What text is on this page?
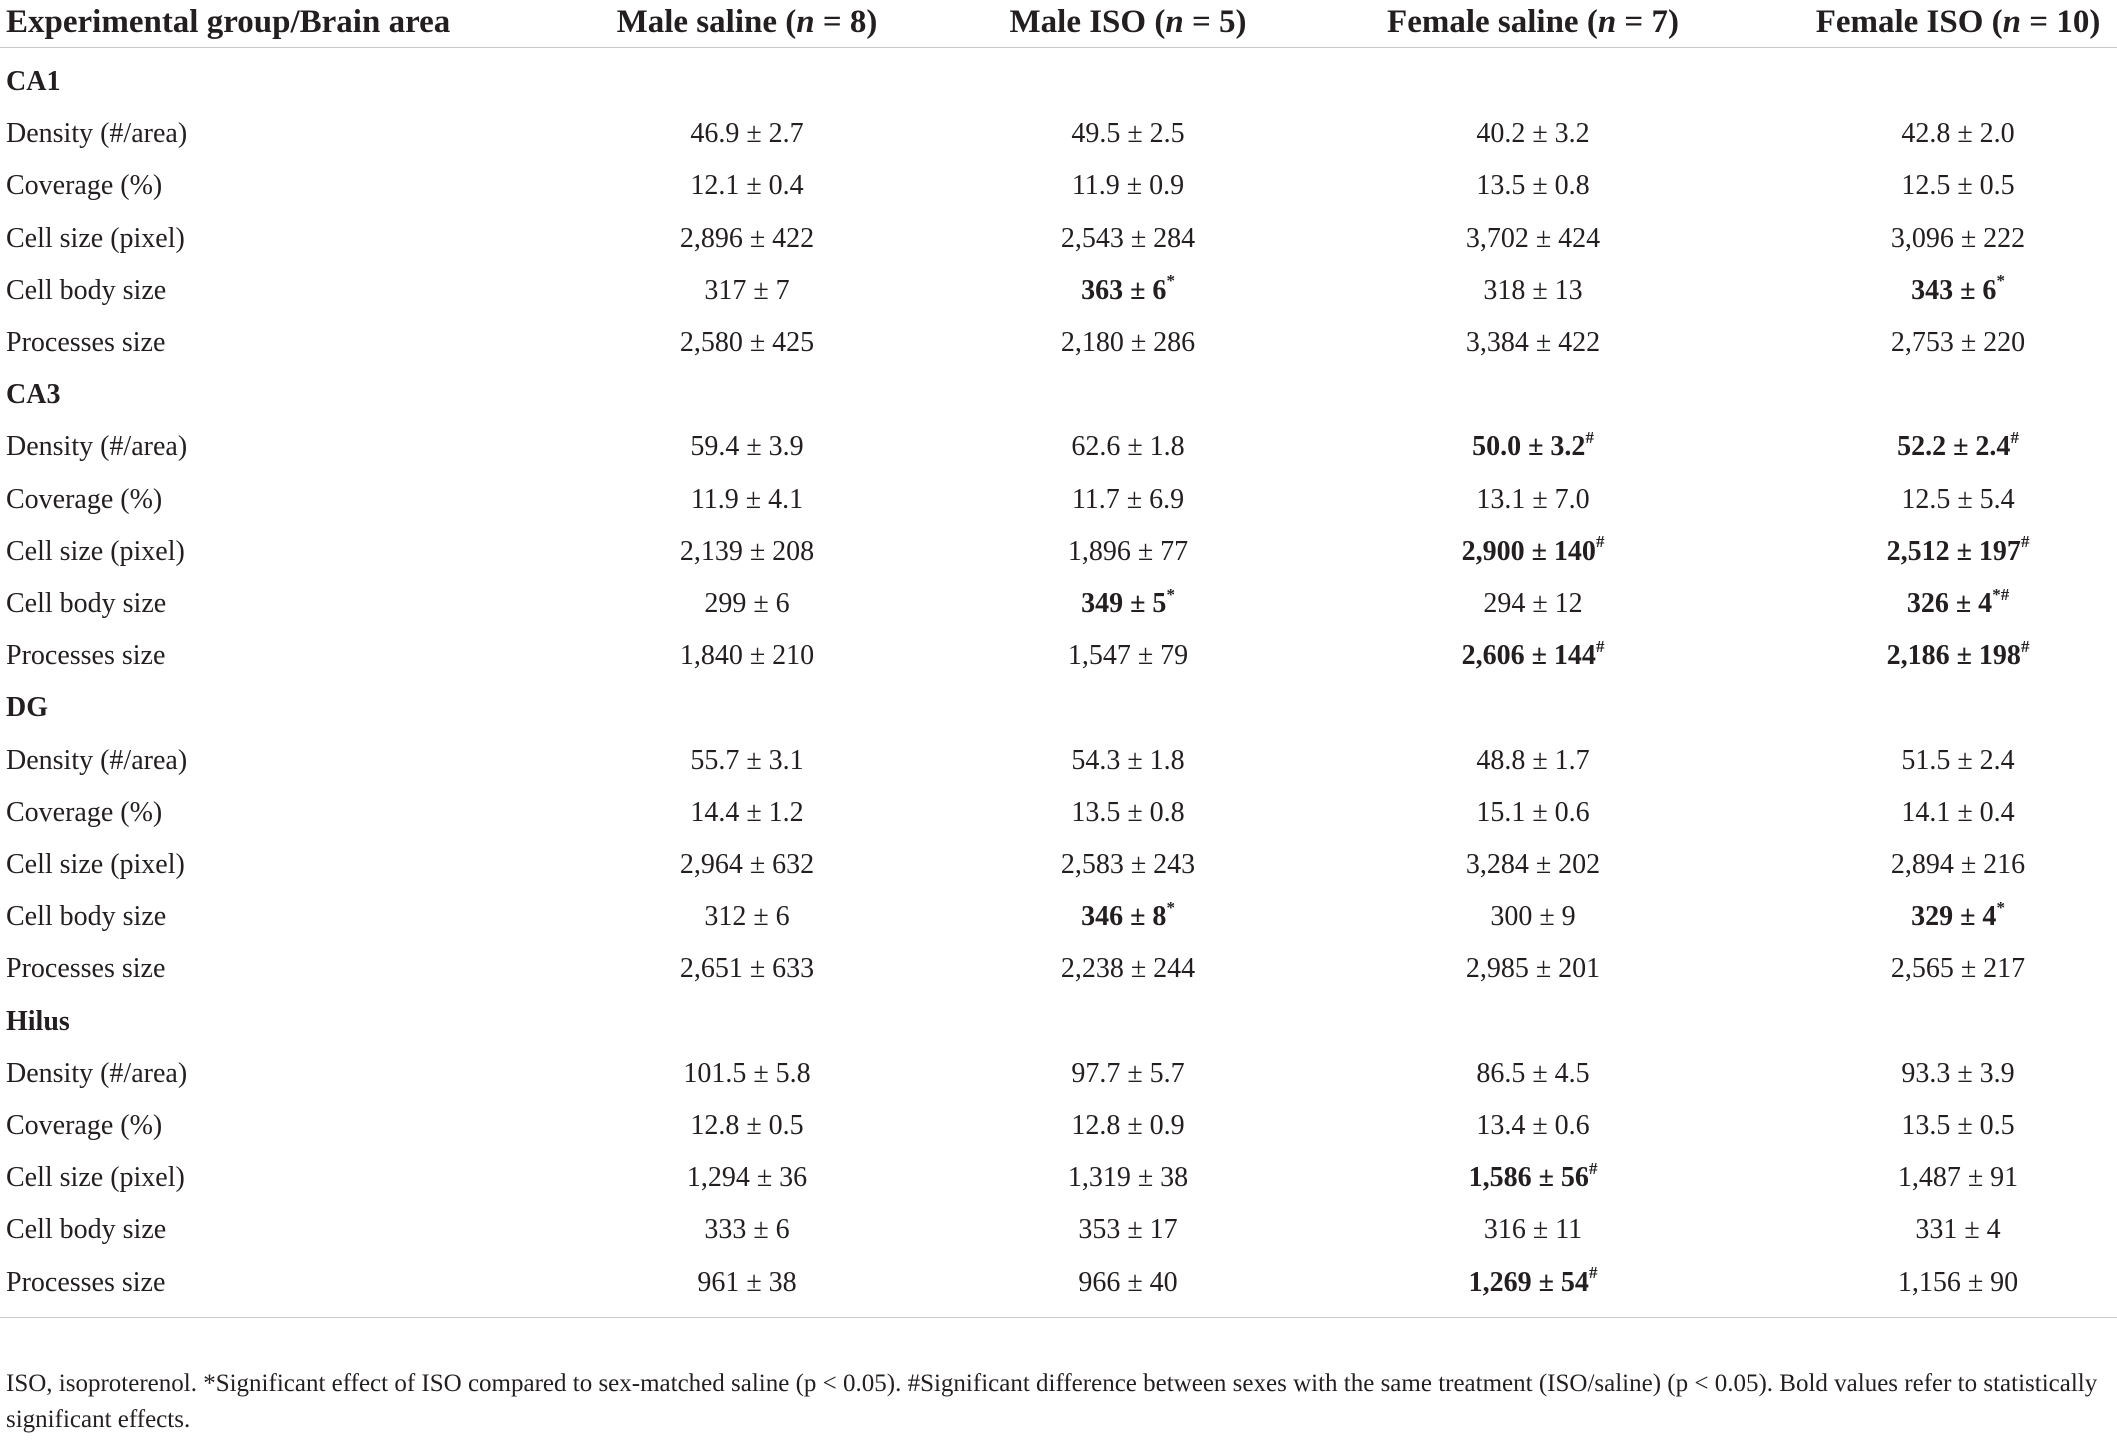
Experimental group/Brain area	Male saline (n = 8)	Male ISO (n = 5)	Female saline (n = 7)	Female ISO (n = 10)
CA1
Density (#/area)	46.9 ± 2.7	49.5 ± 2.5	40.2 ± 3.2	42.8 ± 2.0
Coverage (%)	12.1 ± 0.4	11.9 ± 0.9	13.5 ± 0.8	12.5 ± 0.5
Cell size (pixel)	2,896 ± 422	2,543 ± 284	3,702 ± 424	3,096 ± 222
Cell body size	317 ± 7	363 ± 6*	318 ± 13	343 ± 6*
Processes size	2,580 ± 425	2,180 ± 286	3,384 ± 422	2,753 ± 220
CA3
Density (#/area)	59.4 ± 3.9	62.6 ± 1.8	50.0 ± 3.2#	52.2 ± 2.4#
Coverage (%)	11.9 ± 4.1	11.7 ± 6.9	13.1 ± 7.0	12.5 ± 5.4
Cell size (pixel)	2,139 ± 208	1,896 ± 77	2,900 ± 140#	2,512 ± 197#
Cell body size	299 ± 6	349 ± 5*	294 ± 12	326 ± 4*#
Processes size	1,840 ± 210	1,547 ± 79	2,606 ± 144#	2,186 ± 198#
DG
Density (#/area)	55.7 ± 3.1	54.3 ± 1.8	48.8 ± 1.7	51.5 ± 2.4
Coverage (%)	14.4 ± 1.2	13.5 ± 0.8	15.1 ± 0.6	14.1 ± 0.4
Cell size (pixel)	2,964 ± 632	2,583 ± 243	3,284 ± 202	2,894 ± 216
Cell body size	312 ± 6	346 ± 8*	300 ± 9	329 ± 4*
Processes size	2,651 ± 633	2,238 ± 244	2,985 ± 201	2,565 ± 217
Hilus
Density (#/area)	101.5 ± 5.8	97.7 ± 5.7	86.5 ± 4.5	93.3 ± 3.9
Coverage (%)	12.8 ± 0.5	12.8 ± 0.9	13.4 ± 0.6	13.5 ± 0.5
Cell size (pixel)	1,294 ± 36	1,319 ± 38	1,586 ± 56#	1,487 ± 91
Cell body size	333 ± 6	353 ± 17	316 ± 11	331 ± 4
Processes size	961 ± 38	966 ± 40	1,269 ± 54#	1,156 ± 90
ISO, isoproterenol. *Significant effect of ISO compared to sex-matched saline (p < 0.05). #Significant difference between sexes with the same treatment (ISO/saline) (p < 0.05). Bold values refer to statistically significant effects.
